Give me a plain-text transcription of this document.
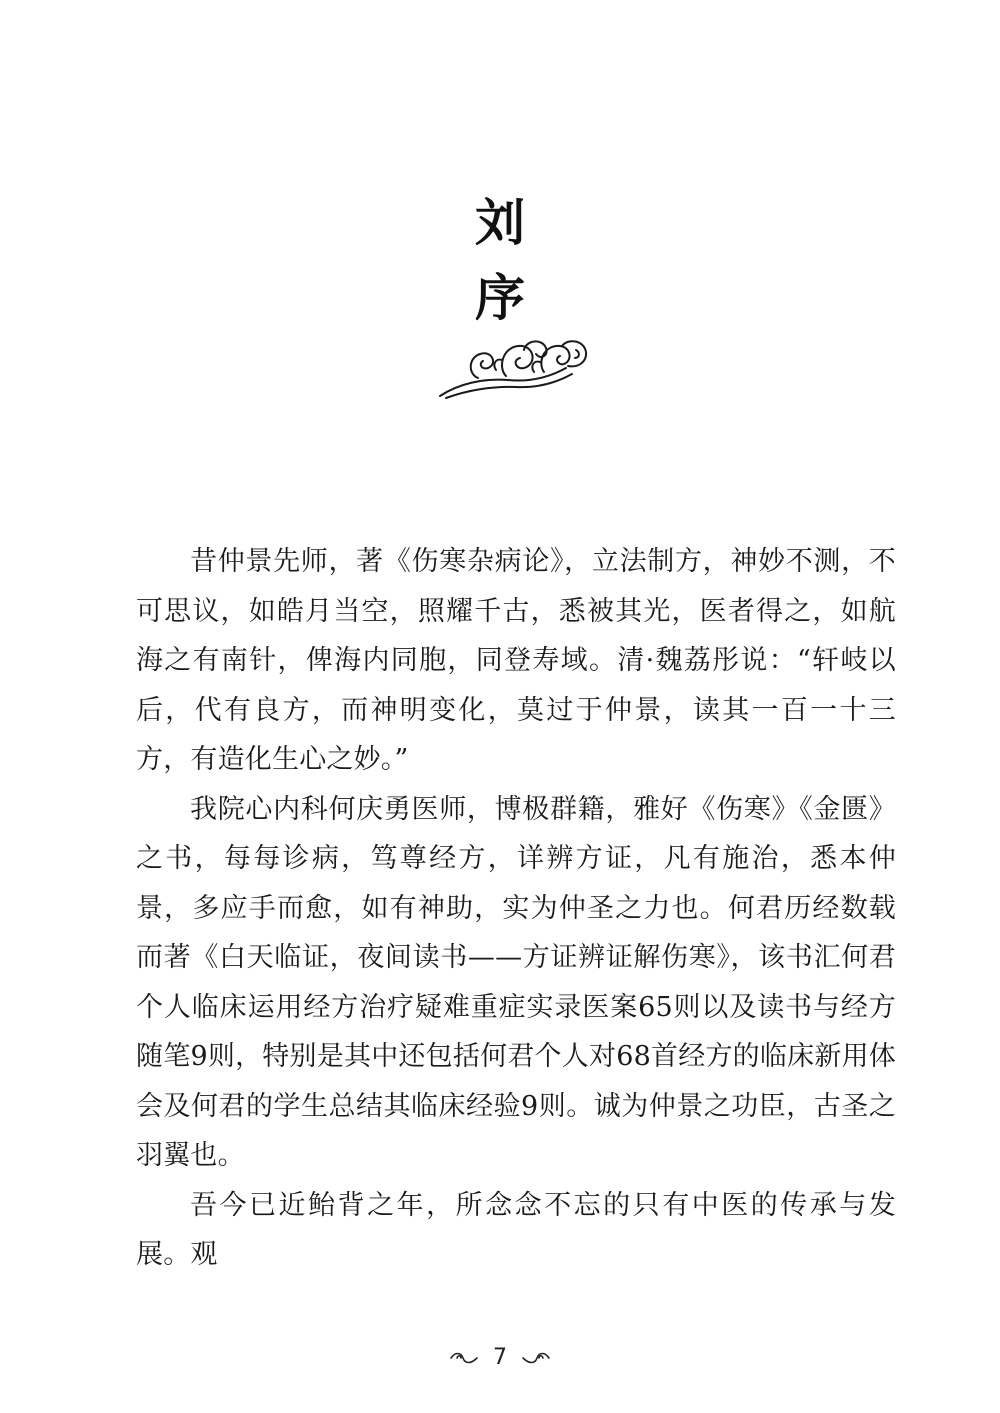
刘
序

昔仲景先师，著《伤寒杂病论》，立法制方，神妙不测，不可思议，如皓月当空，照耀千古，悉被其光，医者得之，如航海之有南针，俾海内同胞，同登寿域。清·魏荔彤说：“轩岐以后，代有良方，而神明变化，莫过于仲景，读其一百一十三方，有造化生心之妙。”

我院心内科何庆勇医师，博极群籍，雅好《伤寒》《金匮》之书，每每诊病，笃尊经方，详辨方证，凡有施治，悉本仲景，多应手而愈，如有神助，实为仲圣之力也。何君历经数载而著《白天临证，夜间读书——方证辨证解伤寒》，该书汇何君个人临床运用经方治疗疑难重症实录医案65则以及读书与经方随笔9则，特别是其中还包括何君个人对68首经方的临床新用体会及何君的学生总结其临床经验9则。诚为仲景之功臣，古圣之羽翼也。

吾今已近鲐背之年，所念念不忘的只有中医的传承与发展。观

7
